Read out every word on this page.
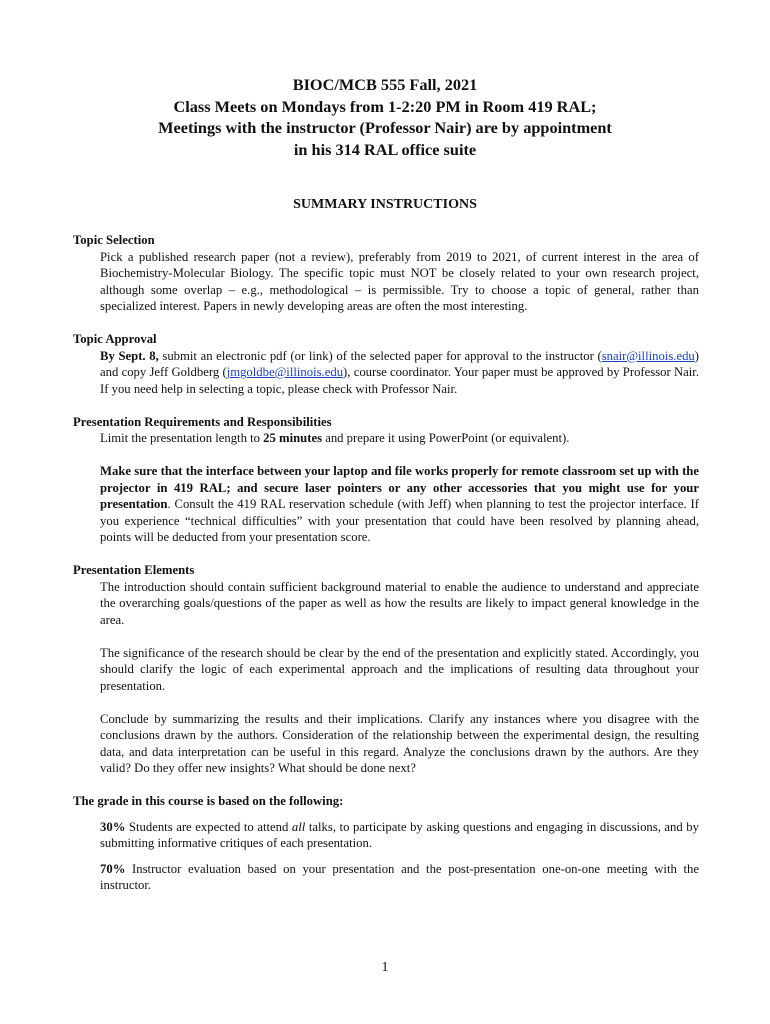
BIOC/MCB 555 Fall, 2021
Class Meets on Mondays from 1-2:20 PM in Room 419 RAL;
Meetings with the instructor (Professor Nair) are by appointment
in his 314 RAL office suite
SUMMARY INSTRUCTIONS

Topic Selection

Pick a published research paper (not a review), preferably from 2019 to 2021, of current interest in the area of Biochemistry-Molecular Biology. The specific topic must NOT be closely related to your own research project, although some overlap – e.g., methodological – is permissible. Try to choose a topic of general, rather than specialized interest. Papers in newly developing areas are often the most interesting.

Topic Approval

By Sept. 8, submit an electronic pdf (or link) of the selected paper for approval to the instructor (snair@illinois.edu) and copy Jeff Goldberg (jmgoldbe@illinois.edu), course coordinator. Your paper must be approved by Professor Nair. If you need help in selecting a topic, please check with Professor Nair.

Presentation Requirements and Responsibilities

Limit the presentation length to 25 minutes and prepare it using PowerPoint (or equivalent).

Make sure that the interface between your laptop and file works properly for remote classroom set up with the projector in 419 RAL; and secure laser pointers or any other accessories that you might use for your presentation. Consult the 419 RAL reservation schedule (with Jeff) when planning to test the projector interface. If you experience “technical difficulties” with your presentation that could have been resolved by planning ahead, points will be deducted from your presentation score.

Presentation Elements

The introduction should contain sufficient background material to enable the audience to understand and appreciate the overarching goals/questions of the paper as well as how the results are likely to impact general knowledge in the area.

The significance of the research should be clear by the end of the presentation and explicitly stated. Accordingly, you should clarify the logic of each experimental approach and the implications of resulting data throughout your presentation.

Conclude by summarizing the results and their implications. Clarify any instances where you disagree with the conclusions drawn by the authors. Consideration of the relationship between the experimental design, the resulting data, and data interpretation can be useful in this regard. Analyze the conclusions drawn by the authors. Are they valid? Do they offer new insights? What should be done next?

The grade in this course is based on the following:

30% Students are expected to attend all talks, to participate by asking questions and engaging in discussions, and by submitting informative critiques of each presentation.

70% Instructor evaluation based on your presentation and the post-presentation one-on-one meeting with the instructor.

1
